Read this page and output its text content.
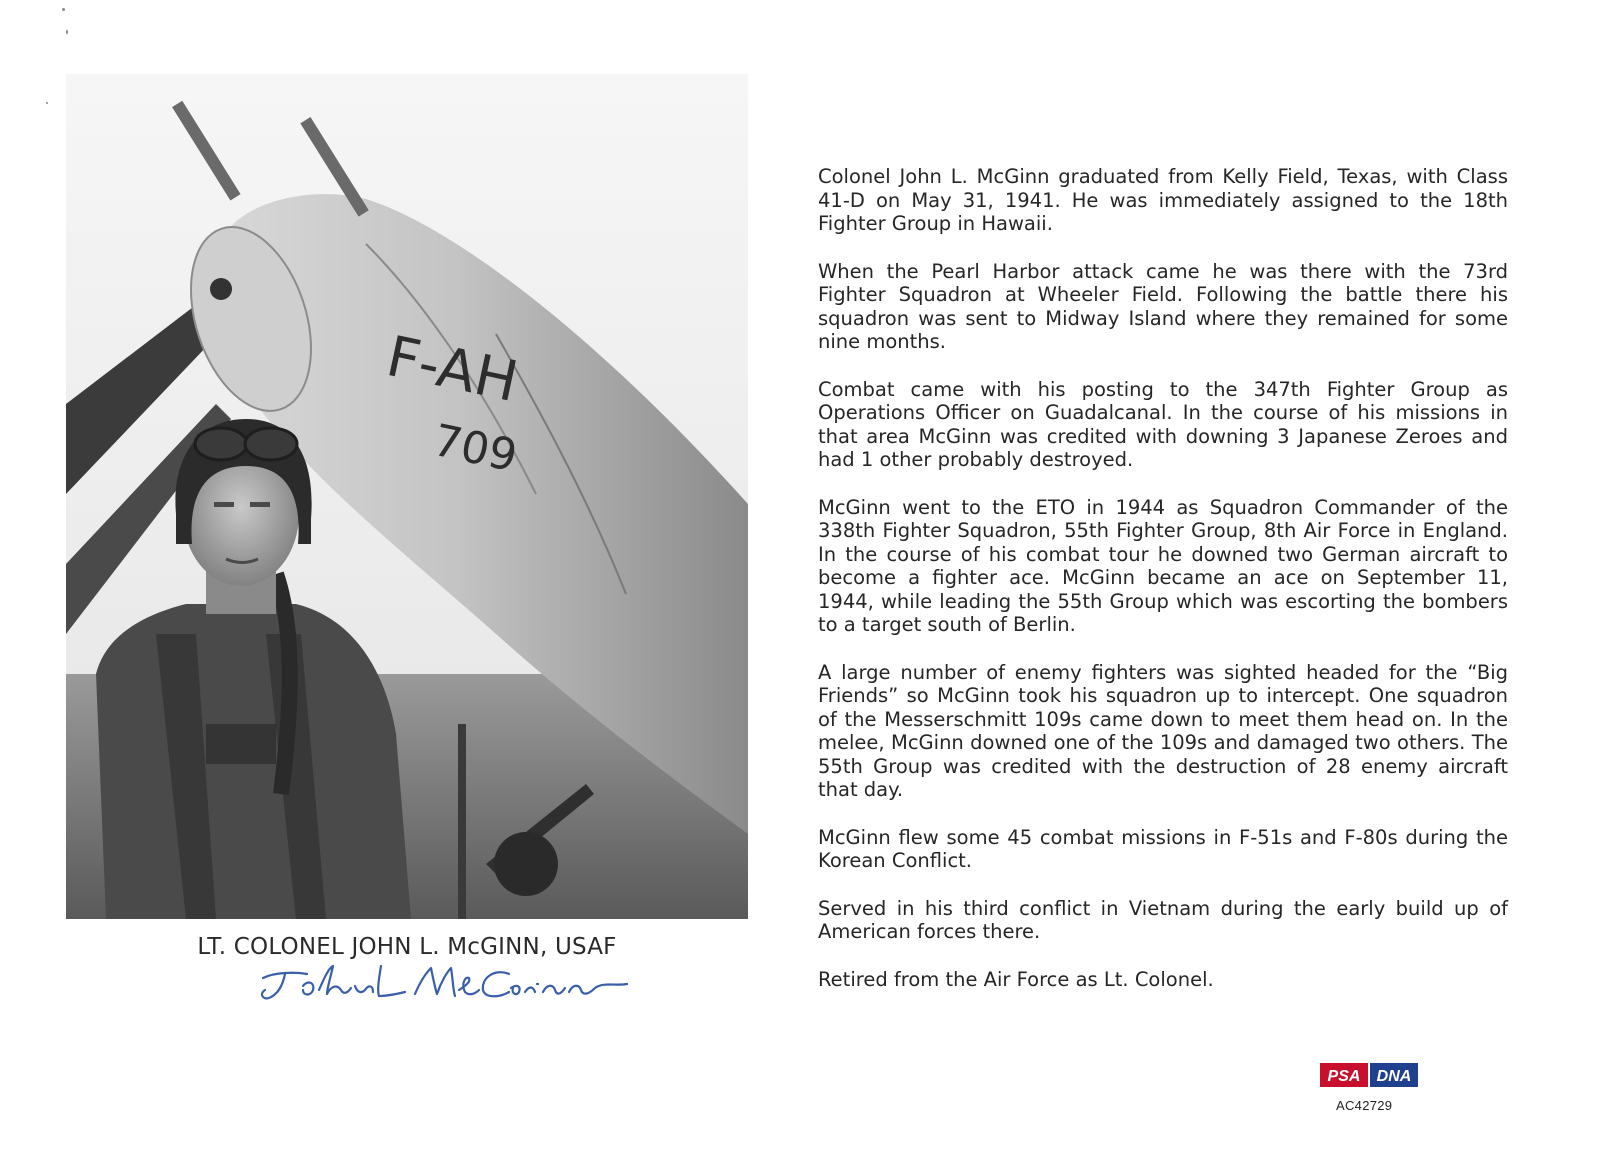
F-AH
709
LT. COLONEL JOHN L. McGINN, USAF

Colonel John L. McGinn graduated from Kelly Field, Texas, with Class 41-D on May 31, 1941. He was immediately assigned to the 18th Fighter Group in Hawaii.

When the Pearl Harbor attack came he was there with the 73rd Fighter Squadron at Wheeler Field. Following the battle there his squadron was sent to Midway Island where they remained for some nine months.

Combat came with his posting to the 347th Fighter Group as Operations Officer on Guadalcanal. In the course of his missions in that area McGinn was credited with downing 3 Japanese Zeroes and had 1 other probably destroyed.

McGinn went to the ETO in 1944 as Squadron Commander of the 338th Fighter Squadron, 55th Fighter Group, 8th Air Force in England. In the course of his combat tour he downed two German aircraft to become a fighter ace. McGinn became an ace on September 11, 1944, while leading the 55th Group which was escorting the bombers to a target south of Berlin.

A large number of enemy fighters was sighted headed for the “Big Friends” so McGinn took his squadron up to intercept. One squadron of the Messerschmitt 109s came down to meet them head on. In the melee, McGinn downed one of the 109s and damaged two others. The 55th Group was credited with the destruction of 28 enemy aircraft that day.

McGinn flew some 45 combat missions in F-51s and F-80s during the Korean Conflict.

Served in his third conflict in Vietnam during the early build up of American forces there.

Retired from the Air Force as Lt. Colonel.

PSA DNA
AC42729
